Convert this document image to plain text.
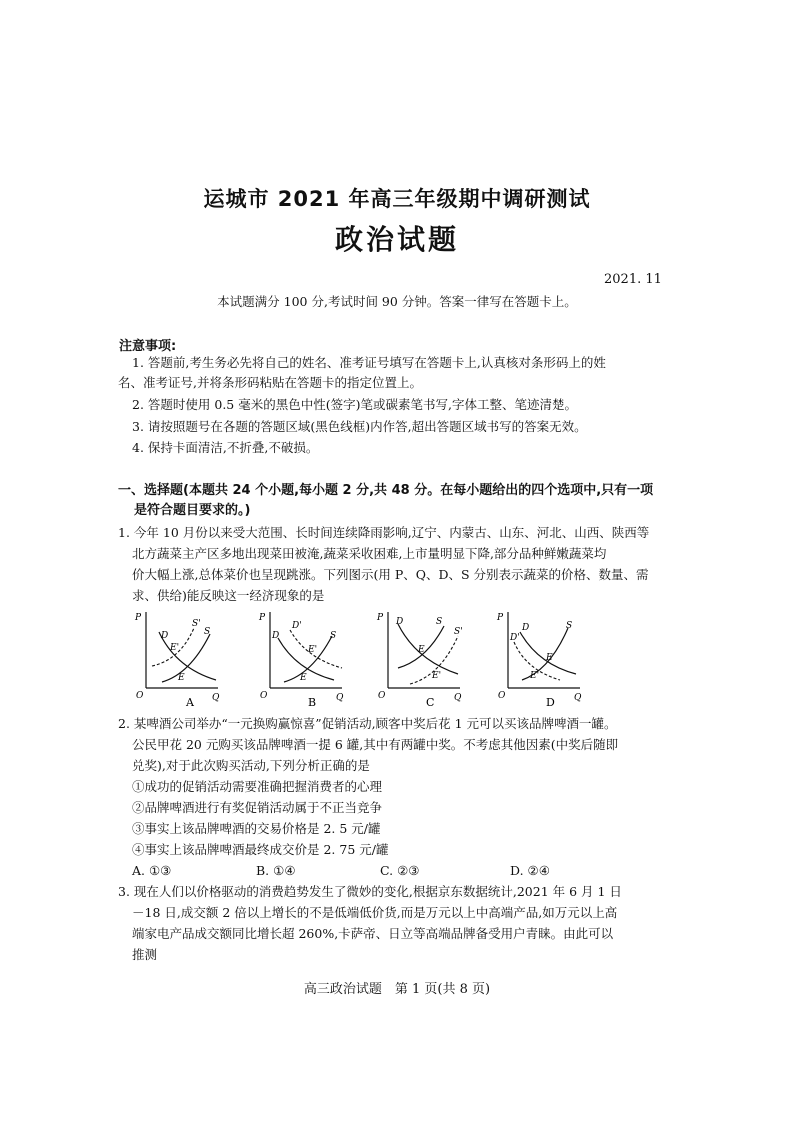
运城市 2021 年高三年级期中调研测试
政治试题
2021. 11
本试题满分 100 分,考试时间 90 分钟。答案一律写在答题卡上。
注意事项:
1. 答题前,考生务必先将自己的姓名、准考证号填写在答题卡上,认真核对条形码上的姓
名、准考证号,并将条形码粘贴在答题卡的指定位置上。
2. 答题时使用 0.5 毫米的黑色中性(签字)笔或碳素笔书写,字体工整、笔迹清楚。
3. 请按照题号在各题的答题区域(黑色线框)内作答,超出答题区域书写的答案无效。
4. 保持卡面清洁,不折叠,不破损。
一、选择题(本题共 24 个小题,每小题 2 分,共 48 分。在每小题给出的四个选项中,只有一项
是符合题目要求的。)
1. 今年 10 月份以来受大范围、长时间连续降雨影响,辽宁、内蒙古、山东、河北、山西、陕西等
北方蔬菜主产区多地出现菜田被淹,蔬菜采收困难,上市量明显下降,部分品种鲜嫩蔬菜均
价大幅上涨,总体菜价也呈现跳涨。下列图示(用 P、Q、D、S 分别表示蔬菜的价格、数量、需
求、供给)能反映这一经济现象的是
P
O	Q
D
S'
S
E'
E
A
P
O	Q
D
D'
S
E'
E
B
P
O	Q
D	S
S'
E
E'
C
P
O	Q
D'
D	S
E
E'
D
2. 某啤酒公司举办“一元换购赢惊喜”促销活动,顾客中奖后花 1 元可以买该品牌啤酒一罐。
公民甲花 20 元购买该品牌啤酒一提 6 罐,其中有两罐中奖。不考虑其他因素(中奖后随即
兑奖),对于此次购买活动,下列分析正确的是
①成功的促销活动需要准确把握消费者的心理
②品牌啤酒进行有奖促销活动属于不正当竞争
③事实上该品牌啤酒的交易价格是 2. 5 元/罐
④事实上该品牌啤酒最终成交价是 2. 75 元/罐
A. ①③	B. ①④	C. ②③	D. ②④
3. 现在人们以价格驱动的消费趋势发生了微妙的变化,根据京东数据统计,2021 年 6 月 1 日
－18 日,成交额 2 倍以上增长的不是低端低价货,而是万元以上中高端产品,如万元以上高
端家电产品成交额同比增长超 260%,卡萨帝、日立等高端品牌备受用户青睐。由此可以
推测
高三政治试题　第 1 页(共 8 页)
